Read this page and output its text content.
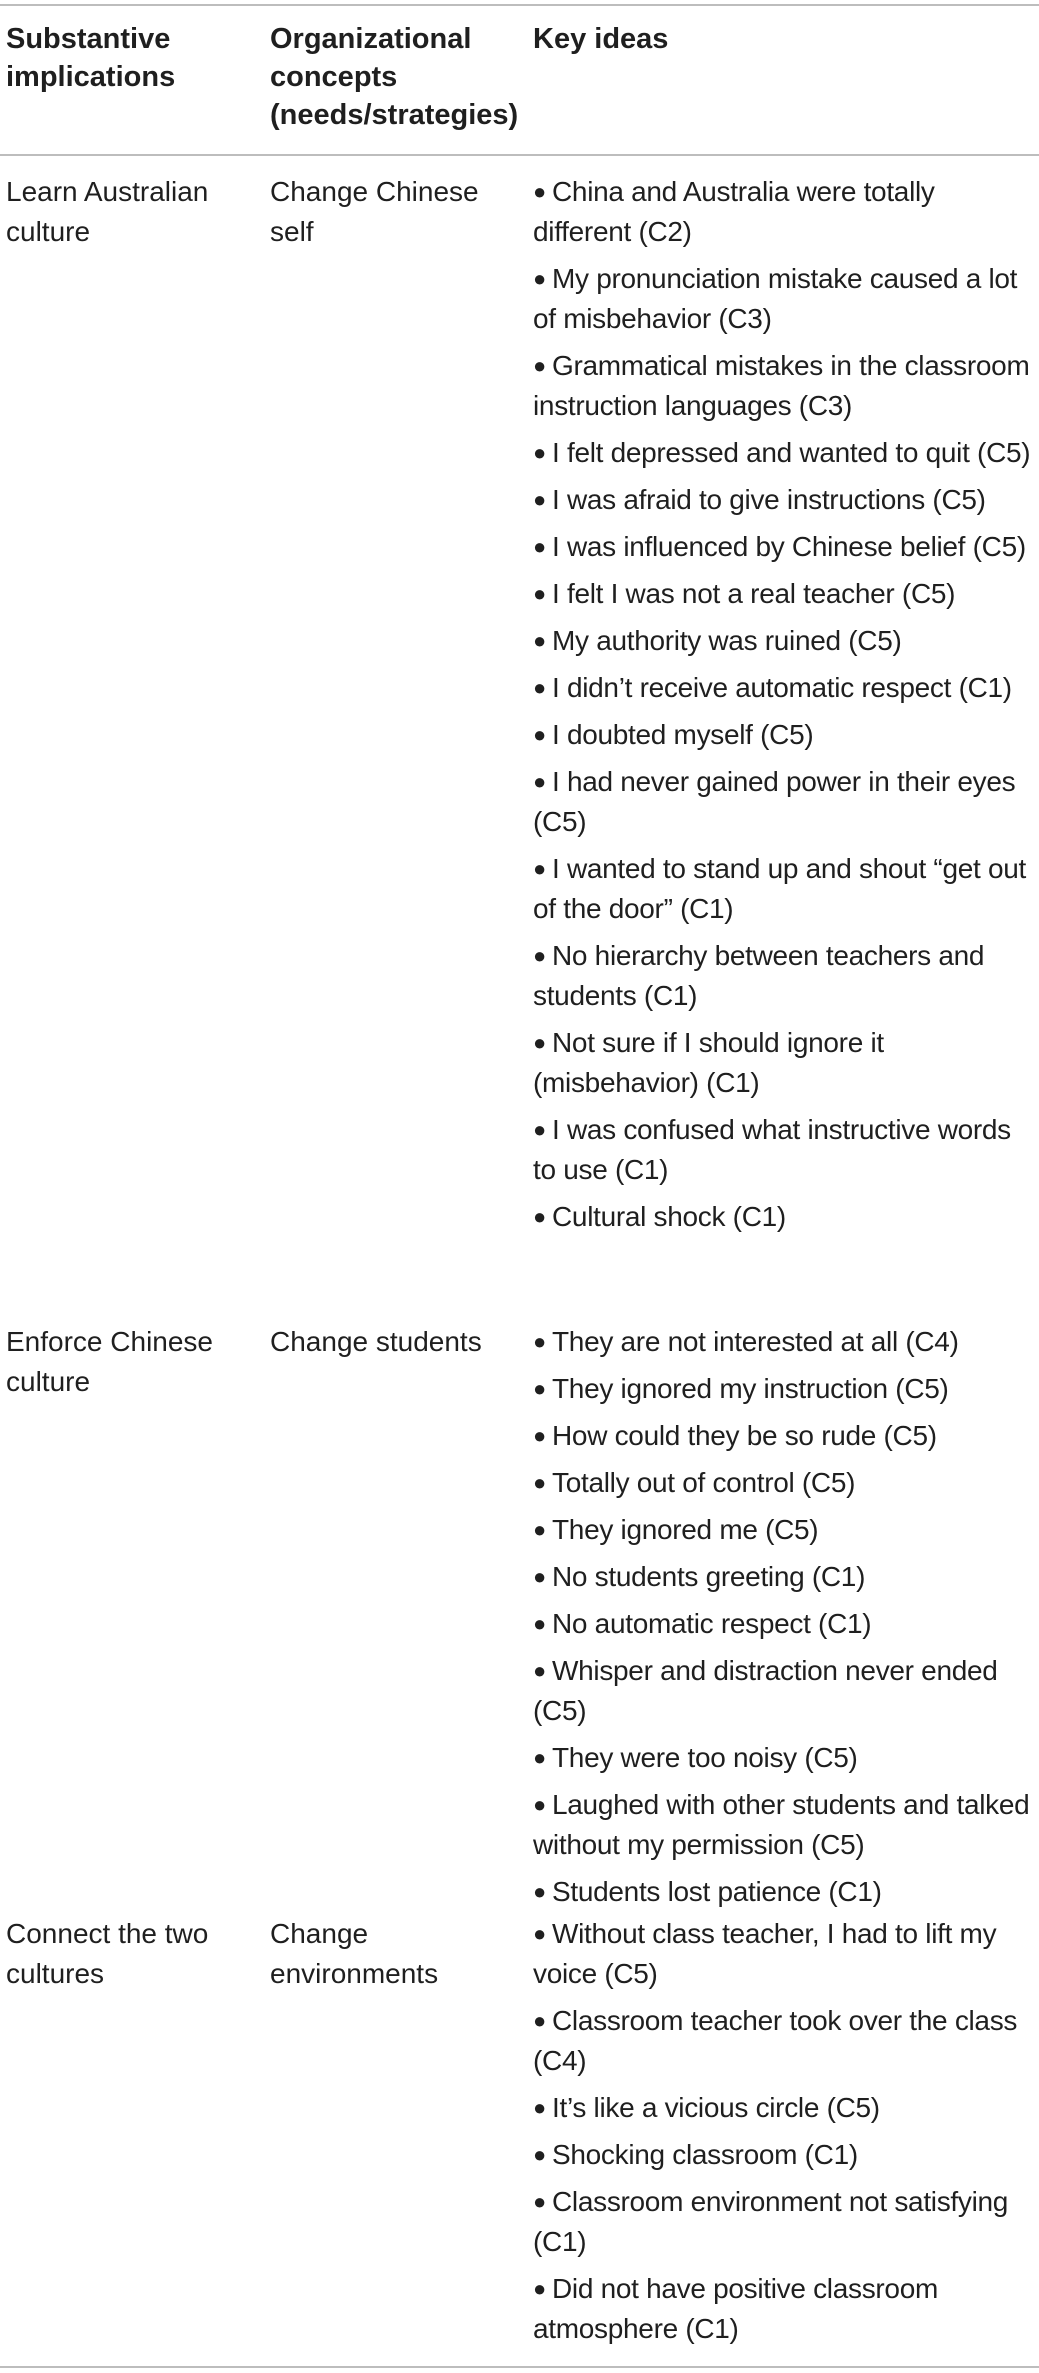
Substantive implications
Organizational concepts (needs/strategies)
Key ideas
Learn Australian culture
Change Chinese self
● China and Australia were totally different (C2)
● My pronunciation mistake caused a lot of misbehavior (C3)
● Grammatical mistakes in the classroom instruction languages (C3)
● I felt depressed and wanted to quit (C5)
● I was afraid to give instructions (C5)
● I was influenced by Chinese belief (C5)
● I felt I was not a real teacher (C5)
● My authority was ruined (C5)
● I didn’t receive automatic respect (C1)
● I doubted myself (C5)
● I had never gained power in their eyes (C5)
● I wanted to stand up and shout “get out of the door” (C1)
● No hierarchy between teachers and students (C1)
● Not sure if I should ignore it (misbehavior) (C1)
● I was confused what instructive words to use (C1)
● Cultural shock (C1)
Enforce Chinese culture
Change students	● They are not interested at all (C4)
● They ignored my instruction (C5)
● How could they be so rude (C5)
● Totally out of control (C5)
● They ignored me (C5)
● No students greeting (C1)
● No automatic respect (C1)
● Whisper and distraction never ended (C5)
● They were too noisy (C5)
● Laughed with other students and talked without my permission (C5)
● Students lost patience (C1)
Connect the two cultures
Change environments
● Without class teacher, I had to lift my voice (C5)
● Classroom teacher took over the class (C4)
● It’s like a vicious circle (C5)
● Shocking classroom (C1)
● Classroom environment not satisfying (C1)
● Did not have positive classroom atmosphere (C1)
